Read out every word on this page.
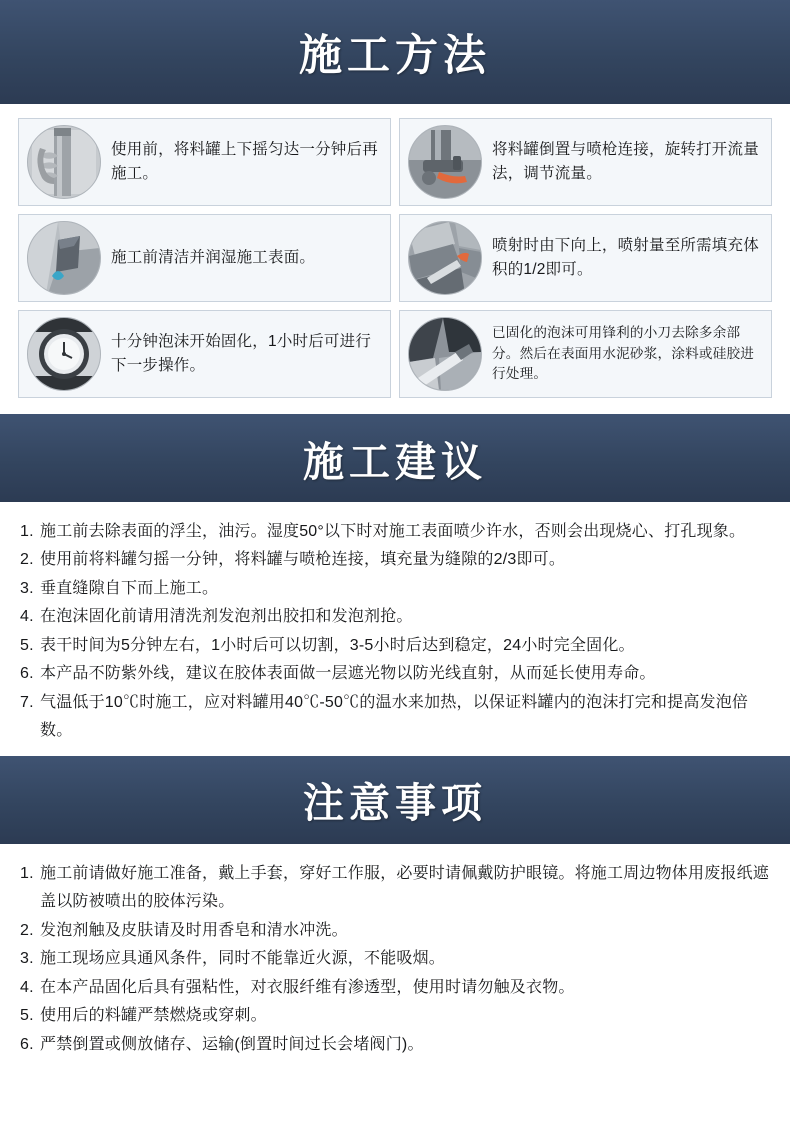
施工方法
使用前，将料罐上下摇匀达一分钟后再施工。
将料罐倒置与喷枪连接，旋转打开流量法，调节流量。
施工前清洁并润湿施工表面。
喷射时由下向上，喷射量至所需填充体积的1/2即可。
十分钟泡沫开始固化，1小时后可进行下一步操作。
已固化的泡沫可用锋利的小刀去除多余部分。然后在表面用水泥砂浆，涂料或硅胶进行处理。
施工建议
1. 施工前去除表面的浮尘，油污。湿度50°以下时对施工表面喷少许水，否则会出现烧心、打孔现象。
2. 使用前将料罐匀摇一分钟，将料罐与喷枪连接，填充量为缝隙的2/3即可。
3. 垂直缝隙自下而上施工。
4. 在泡沫固化前请用清洗剂发泡剂出胶扣和发泡剂抢。
5. 表干时间为5分钟左右，1小时后可以切割，3-5小时后达到稳定，24小时完全固化。
6. 本产品不防紫外线，建议在胶体表面做一层遮光物以防光线直射，从而延长使用寿命。
7. 气温低于10℃时施工，应对料罐用40℃-50℃的温水来加热，以保证料罐内的泡沫打完和提高发泡倍数。
注意事项
1. 施工前请做好施工准备，戴上手套，穿好工作服，必要时请佩戴防护眼镜。将施工周边物体用废报纸遮盖以防被喷出的胶体污染。
2. 发泡剂触及皮肤请及时用香皂和清水冲洗。
3. 施工现场应具通风条件，同时不能靠近火源，不能吸烟。
4. 在本产品固化后具有强粘性，对衣服纤维有渗透型，使用时请勿触及衣物。
5. 使用后的料罐严禁燃烧或穿刺。
6. 严禁倒置或侧放储存、运输(倒置时间过长会堵阀门)。
